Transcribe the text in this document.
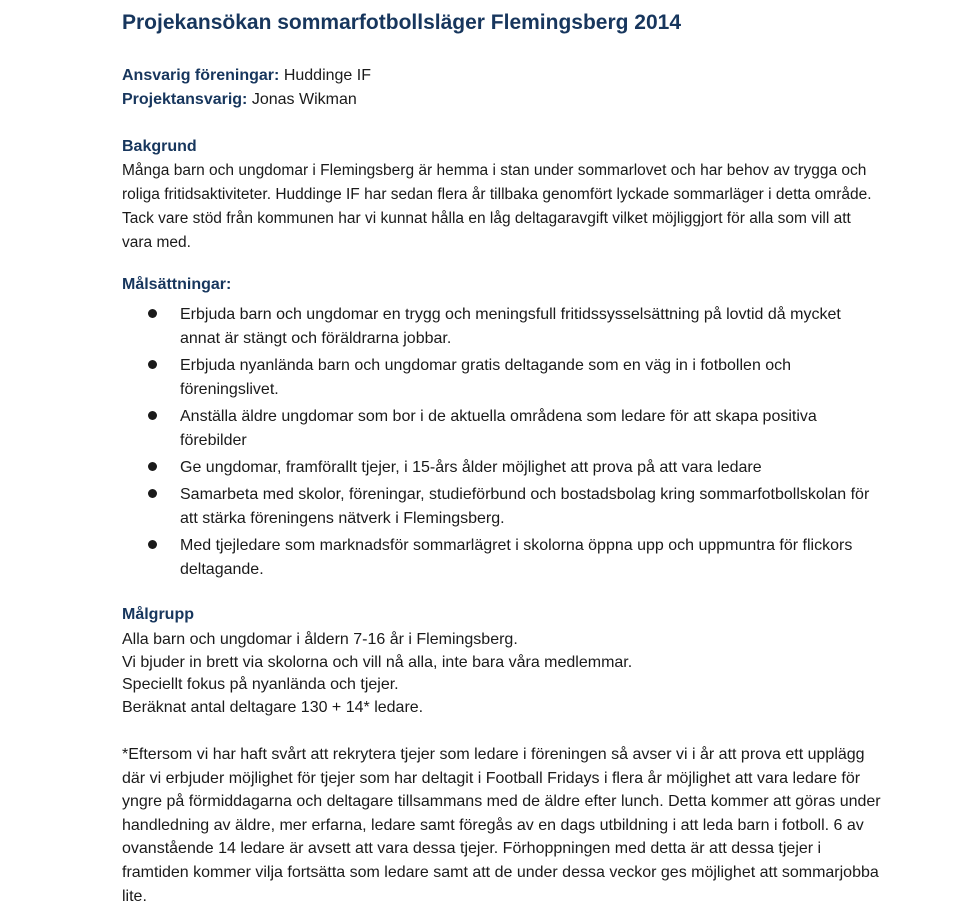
Projekansökan sommarfotbollsläger Flemingsberg 2014
Ansvarig föreningar: Huddinge IF
Projektansvarig: Jonas Wikman
Bakgrund

Många barn och ungdomar i Flemingsberg är hemma i stan under sommarlovet och har behov av trygga och roliga fritidsaktiviteter. Huddinge IF har sedan flera år tillbaka genomfört lyckade sommarläger i detta område. Tack vare stöd från kommunen har vi kunnat hålla en låg deltagaravgift vilket möjliggjort för alla som vill att vara med.

Målsättningar:
Erbjuda barn och ungdomar en trygg och meningsfull fritidssysselsättning på lovtid då mycket annat är stängt och föräldrarna jobbar.
Erbjuda nyanlända barn och ungdomar gratis deltagande som en väg in i fotbollen och föreningslivet.
Anställa äldre ungdomar som bor i de aktuella områdena som ledare för att skapa positiva förebilder
Ge ungdomar, framförallt tjejer, i 15-års ålder möjlighet att prova på att vara ledare
Samarbeta med skolor, föreningar, studieförbund och bostadsbolag kring sommarfotbollskolan för att stärka föreningens nätverk i Flemingsberg.
Med tjejledare som marknadsför sommarlägret i skolorna öppna upp och uppmuntra för flickors deltagande.
Målgrupp
Alla barn och ungdomar i åldern 7-16 år i Flemingsberg.
Vi bjuder in brett via skolorna och vill nå alla, inte bara våra medlemmar.
Speciellt fokus på nyanlända och tjejer.
Beräknat antal deltagare 130 + 14* ledare.

*Eftersom vi har haft svårt att rekrytera tjejer som ledare i föreningen så avser vi i år att prova ett upplägg där vi erbjuder möjlighet för tjejer som har deltagit i Football Fridays i flera år möjlighet att vara ledare för yngre på förmiddagarna och deltagare tillsammans med de äldre efter lunch. Detta kommer att göras under handledning av äldre, mer erfarna, ledare samt föregås av en dags utbildning i att leda barn i fotboll. 6 av ovanstående 14 ledare är avsett att vara dessa tjejer. Förhoppningen med detta är att dessa tjejer i framtiden kommer vilja fortsätta som ledare samt att de under dessa veckor ges möjlighet att sommarjobba lite.
